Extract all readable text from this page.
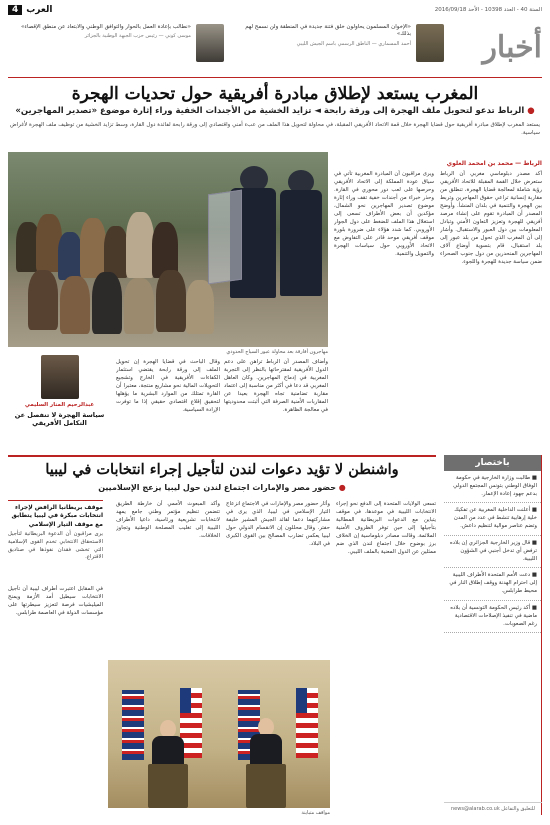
السنة 40 - العدد 10398 - الأحد 2016/09/18
العرب
4
أخبار
«الإخوان المسلمون يحاولون خلق فتنة جديدة في المنطقة ولن نسمح لهم بذلك»
أحمد المسماري — الناطق الرسمي باسم الجيش الليبي
«نطالب بإعادة العمل بالحوار والتوافق الوطني والابتعاد عن منطق الإقصاء»
موسى كوني — رئيس حزب الجبهة الوطنية بالجزائر
المغرب يستعد لإطلاق مبادرة أفريقية حول تحديات الهجرة
● الرباط تدعو لتحويل ملف الهجرة إلى ورقة رابحة ◄ تزايد الخشية من الأجندات الخفية وراء إثارة موضوع «تصدير المهاجرين»
يستعد المغرب لإطلاق مبادرة أفريقية حول قضايا الهجرة خلال قمة الاتحاد الأفريقي المقبلة، في محاولة لتحويل هذا الملف من عبء أمني واقتصادي إلى ورقة رابحة لفائدة دول القارة، وسط تزايد الخشية من توظيف ملف الهجرة لأغراض سياسية.
مهاجرون أفارقة بعد محاولة عبور السياج الحدودي
الرباط — محمد بن امحمد العلوي
أكد مصدر دبلوماسي مغربي أن الرباط ستعرض خلال القمة المقبلة للاتحاد الأفريقي رؤية شاملة لمعالجة قضايا الهجرة، تنطلق من مقاربة إنسانية تراعي حقوق المهاجرين وتربط بين الهجرة والتنمية في بلدان المنشأ. وأوضح المصدر أن المبادرة تقوم على إنشاء مرصد أفريقي للهجرة وتعزيز التعاون الأمني وتبادل المعلومات بين دول العبور والاستقبال. وأشار إلى أن المغرب الذي تحول من بلد عبور إلى بلد استقبال، قام بتسوية أوضاع آلاف المهاجرين المنحدرين من دول جنوب الصحراء ضمن سياسة جديدة للهجرة واللجوء.
ويرى مراقبون أن المبادرة المغربية تأتي في سياق عودة المملكة إلى الاتحاد الأفريقي وحرصها على لعب دور محوري في القارة. وحذر خبراء من أجندات خفية تقف وراء إثارة موضوع تصدير المهاجرين نحو الشمال، مؤكدين أن بعض الأطراف تسعى إلى استغلال هذا الملف للضغط على دول الجوار الأوروبي. كما شدد هؤلاء على ضرورة بلورة موقف أفريقي موحد قادر على التفاوض مع الاتحاد الأوروبي حول سياسات الهجرة والتمويل والتنمية.
وأضاف المصدر أن الرباط تراهن على دعم الدول الأفريقية لمقترحاتها بالنظر إلى التجربة المغربية في إدماج المهاجرين. وكان العاهل المغربي قد دعا في أكثر من مناسبة إلى اعتماد مقاربة تضامنية تجاه الهجرة بعيدا عن المقاربات الأمنية الصرفة التي أثبتت محدوديتها في معالجة الظاهرة.
وقال الباحث في قضايا الهجرة إن تحويل الملف إلى ورقة رابحة يقتضي استثمار الكفاءات الأفريقية في الخارج وتشجيع التحويلات المالية نحو مشاريع منتجة، معتبرا أن القارة تمتلك من الموارد البشرية ما يؤهلها لتحقيق إقلاع اقتصادي حقيقي إذا ما توفرت الإرادة السياسية.
عبدالرحيم المنار السليمي
سياسة الهجرة لا تنفصل عن التكامل الأفريقي
باختصار
■ طالبت وزارة الخارجية في حكومة الوفاق الوطني بتونس المجتمع الدولي بدعم جهود إعادة الإعمار.
■ أعلنت الداخلية المغربية عن تفكيك خلية إرهابية تنشط في عدد من المدن وتضم عناصر موالية لتنظيم داعش.
■ قال وزير الخارجية الجزائري إن بلاده ترفض أي تدخل أجنبي في الشؤون الليبية.
■ دعت الأمم المتحدة الأطراف الليبية إلى احترام الهدنة ووقف إطلاق النار في محيط طرابلس.
■ أكد رئيس الحكومة التونسية أن بلاده ماضية في تنفيذ الإصلاحات الاقتصادية رغم الصعوبات.
للتعليق والتفاعل news@alarab.co.uk
واشنطن لا تؤيد دعوات لندن لتأجيل إجراء انتخابات في ليبيا
● حضور مصر والإمارات اجتماع لندن حول ليبيا يزعج الإسلاميين
تسعى الولايات المتحدة إلى الدفع نحو إجراء الانتخابات الليبية في موعدها، في موقف يتباين مع الدعوات البريطانية المطالبة بتأجيلها إلى حين توفر الظروف الأمنية الملائمة. وقالت مصادر دبلوماسية إن الخلاف برز بوضوح خلال اجتماع لندن الذي ضم ممثلين عن الدول المعنية بالملف الليبي.
وأثار حضور مصر والإمارات في الاجتماع انزعاج التيار الإسلامي في ليبيا، الذي يرى في مشاركتهما دعما لقائد الجيش المشير خليفة حفتر. وقال محللون إن الانقسام الدولي حول ليبيا يعكس تضارب المصالح بين القوى الكبرى في البلاد.
وأكد المبعوث الأممي أن خارطة الطريق تتضمن تنظيم مؤتمر وطني جامع يمهد لانتخابات تشريعية ورئاسية، داعيا الأطراف الليبية إلى تغليب المصلحة الوطنية وتجاوز الخلافات.
موقف بريطانيا الرافض لإجراء انتخابات مبكرة في ليبيا يتطابق مع موقف التيار الإسلامي
يرى مراقبون أن الدعوة البريطانية لتأجيل الاستحقاق الانتخابي تخدم القوى الإسلامية التي تخشى فقدان نفوذها في صناديق الاقتراع.
في المقابل اعتبرت أطراف ليبية أن تأجيل الانتخابات سيطيل أمد الأزمة ويمنح الميليشيات فرصة لتعزيز سيطرتها على مؤسسات الدولة في العاصمة طرابلس.
مواقف متباينة
